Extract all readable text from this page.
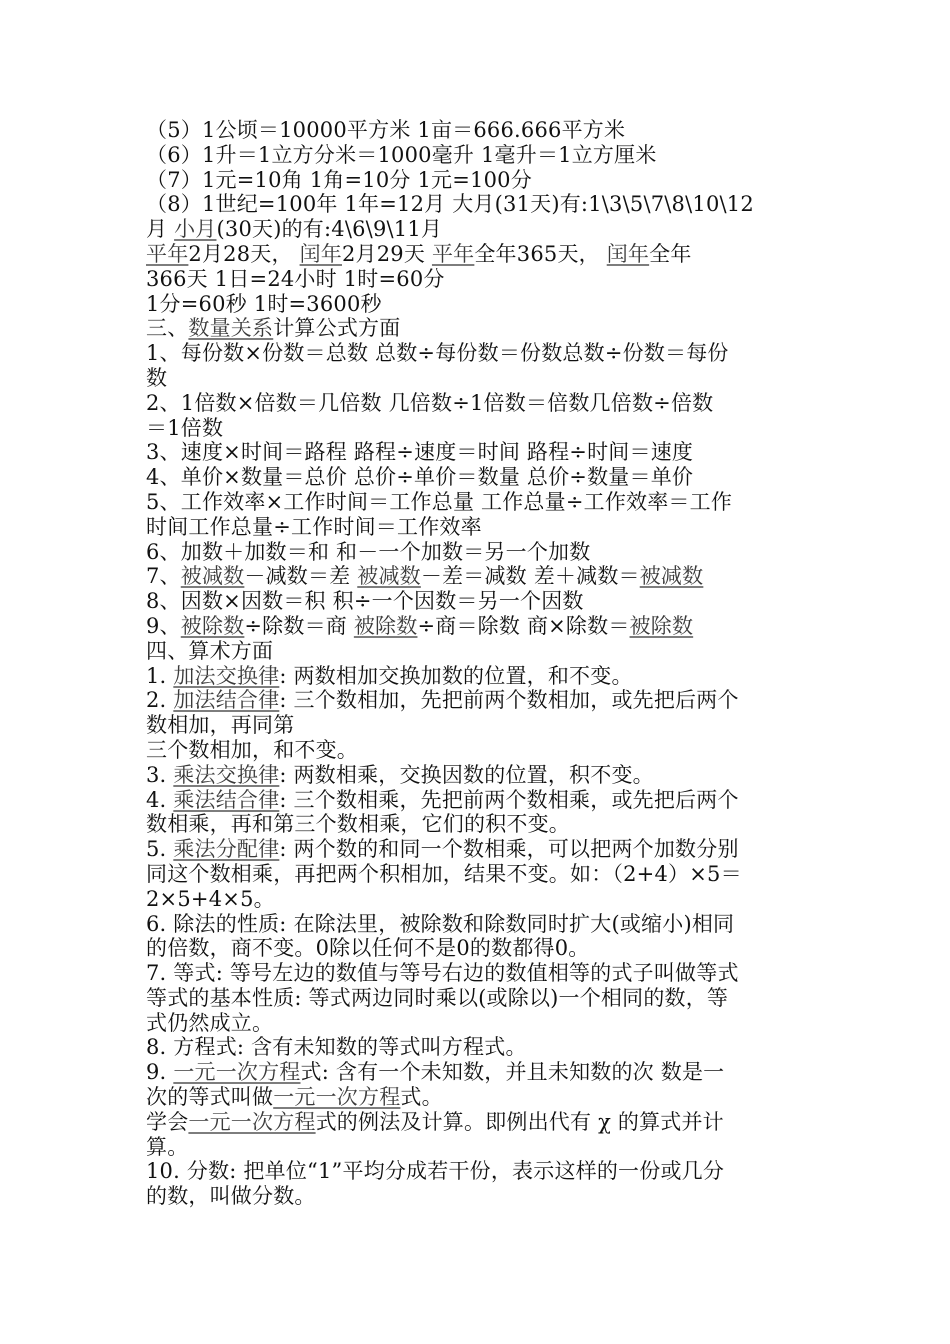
（5）1公顷＝10000平方米 1亩＝666.666平方米
（6）1升＝1立方分米＝1000毫升 1毫升＝1立方厘米
（7）1元=10角 1角=10分 1元=100分
（8）1世纪=100年 1年=12月 大月(31天)有:1\3\5\7\8\10\12
月 小月(30天)的有:4\6\9\11月
平年2月28天， 闰年2月29天 平年全年365天， 闰年全年
366天 1日=24小时 1时=60分
1分=60秒 1时=3600秒
三、数量关系计算公式方面
1、每份数×份数＝总数 总数÷每份数＝份数总数÷份数＝每份
数
2、1倍数×倍数＝几倍数 几倍数÷1倍数＝倍数几倍数÷倍数
＝1倍数
3、速度×时间＝路程 路程÷速度＝时间 路程÷时间＝速度
4、单价×数量＝总价 总价÷单价＝数量 总价÷数量＝单价
5、工作效率×工作时间＝工作总量 工作总量÷工作效率＝工作
时间工作总量÷工作时间＝工作效率
6、加数＋加数＝和 和－一个加数＝另一个加数
7、被减数－减数＝差 被减数－差＝减数 差＋减数＝被减数
8、因数×因数＝积 积÷一个因数＝另一个因数
9、被除数÷除数＝商 被除数÷商＝除数 商×除数＝被除数
四、算术方面
1. 加法交换律: 两数相加交换加数的位置，和不变。
2. 加法结合律: 三个数相加，先把前两个数相加，或先把后两个
数相加，再同第
三个数相加，和不变。
3. 乘法交换律: 两数相乘，交换因数的位置，积不变。
4. 乘法结合律: 三个数相乘，先把前两个数相乘，或先把后两个
数相乘，再和第三个数相乘，它们的积不变。
5. 乘法分配律: 两个数的和同一个数相乘，可以把两个加数分别
同这个数相乘，再把两个积相加，结果不变。如：（2+4）×5＝
2×5+4×5。
6. 除法的性质: 在除法里，被除数和除数同时扩大(或缩小)相同
的倍数，商不变。0除以任何不是0的数都得0。
7. 等式: 等号左边的数值与等号右边的数值相等的式子叫做等式
等式的基本性质: 等式两边同时乘以(或除以)一个相同的数，等
式仍然成立。
8. 方程式: 含有未知数的等式叫方程式。
9. 一元一次方程式: 含有一个未知数，并且未知数的次 数是一
次的等式叫做一元一次方程式。
学会一元一次方程式的例法及计算。即例出代有 χ 的算式并计
算。
10. 分数: 把单位“1”平均分成若干份，表示这样的一份或几分
的数，叫做分数。
